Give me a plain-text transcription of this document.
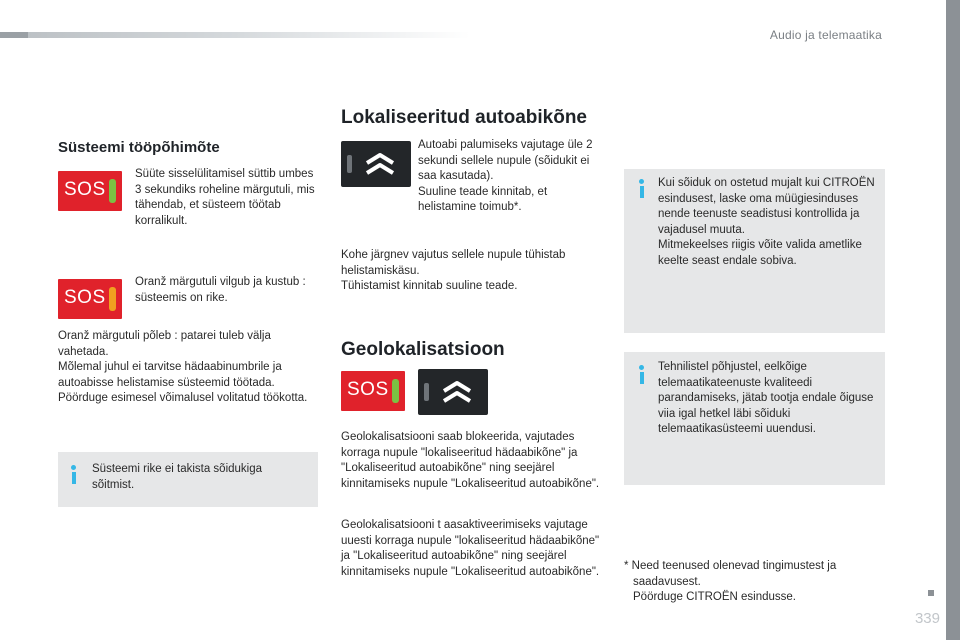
Audio ja telemaatika
Süsteemi tööpõhimõte
SOS
Süüte sisselülitamisel süttib umbes 3 sekundiks roheline märgutuli, mis tähendab, et süsteem töötab korralikult.
SOS
Oranž märgutuli vilgub ja kustub : süsteemis on rike.

Oranž märgutuli põleb : patarei tuleb välja vahetada.

Mõlemal juhul ei tarvitse hädaabinumbrile ja autoabisse helistamise süsteemid töötada.

Pöörduge esimesel võimalusel volitatud töökotta.

Süsteemi rike ei takista sõidukiga sõitmist.
Lokaliseeritud autoabikõne

Autoabi palumiseks vajutage üle 2 sekundi sellele nupule (sõidukit ei saa kasutada).

Suuline teade kinnitab, et helistamine toimub*.

Kohe järgnev vajutus sellele nupule tühistab helistamiskäsu.

Tühistamist kinnitab suuline teade.

Geolokalisatsioon
SOS
Geolokalisatsiooni saab blokeerida, vajutades korraga nupule "lokaliseeritud hädaabikõne" ja "Lokaliseeritud autoabikõne" ning seejärel kinnitamiseks nupule "Lokaliseeritud autoabikõne".
Geolokalisatsiooni t aasaktiveerimiseks vajutage uuesti korraga nupule "lokaliseeritud hädaabikõne" ja "Lokaliseeritud autoabikõne" ning seejärel kinnitamiseks nupule "Lokaliseeritud autoabikõne".

Kui sõiduk on ostetud mujalt kui CITROËN esindusest, laske oma müügiesinduses nende teenuste seadistusi kontrollida ja vajadusel muuta.

Mitmekeelses riigis võite valida ametlike keelte seast endale sobiva.

Tehnilistel põhjustel, eelkõige telemaatikateenuste kvaliteedi parandamiseks, jätab tootja endale õiguse viia igal hetkel läbi sõiduki telemaatikasüsteemi uuendusi.

* Need teenused olenevad tingimustest ja

saadavusest.

Pöörduge CITROËN esindusse.

339
